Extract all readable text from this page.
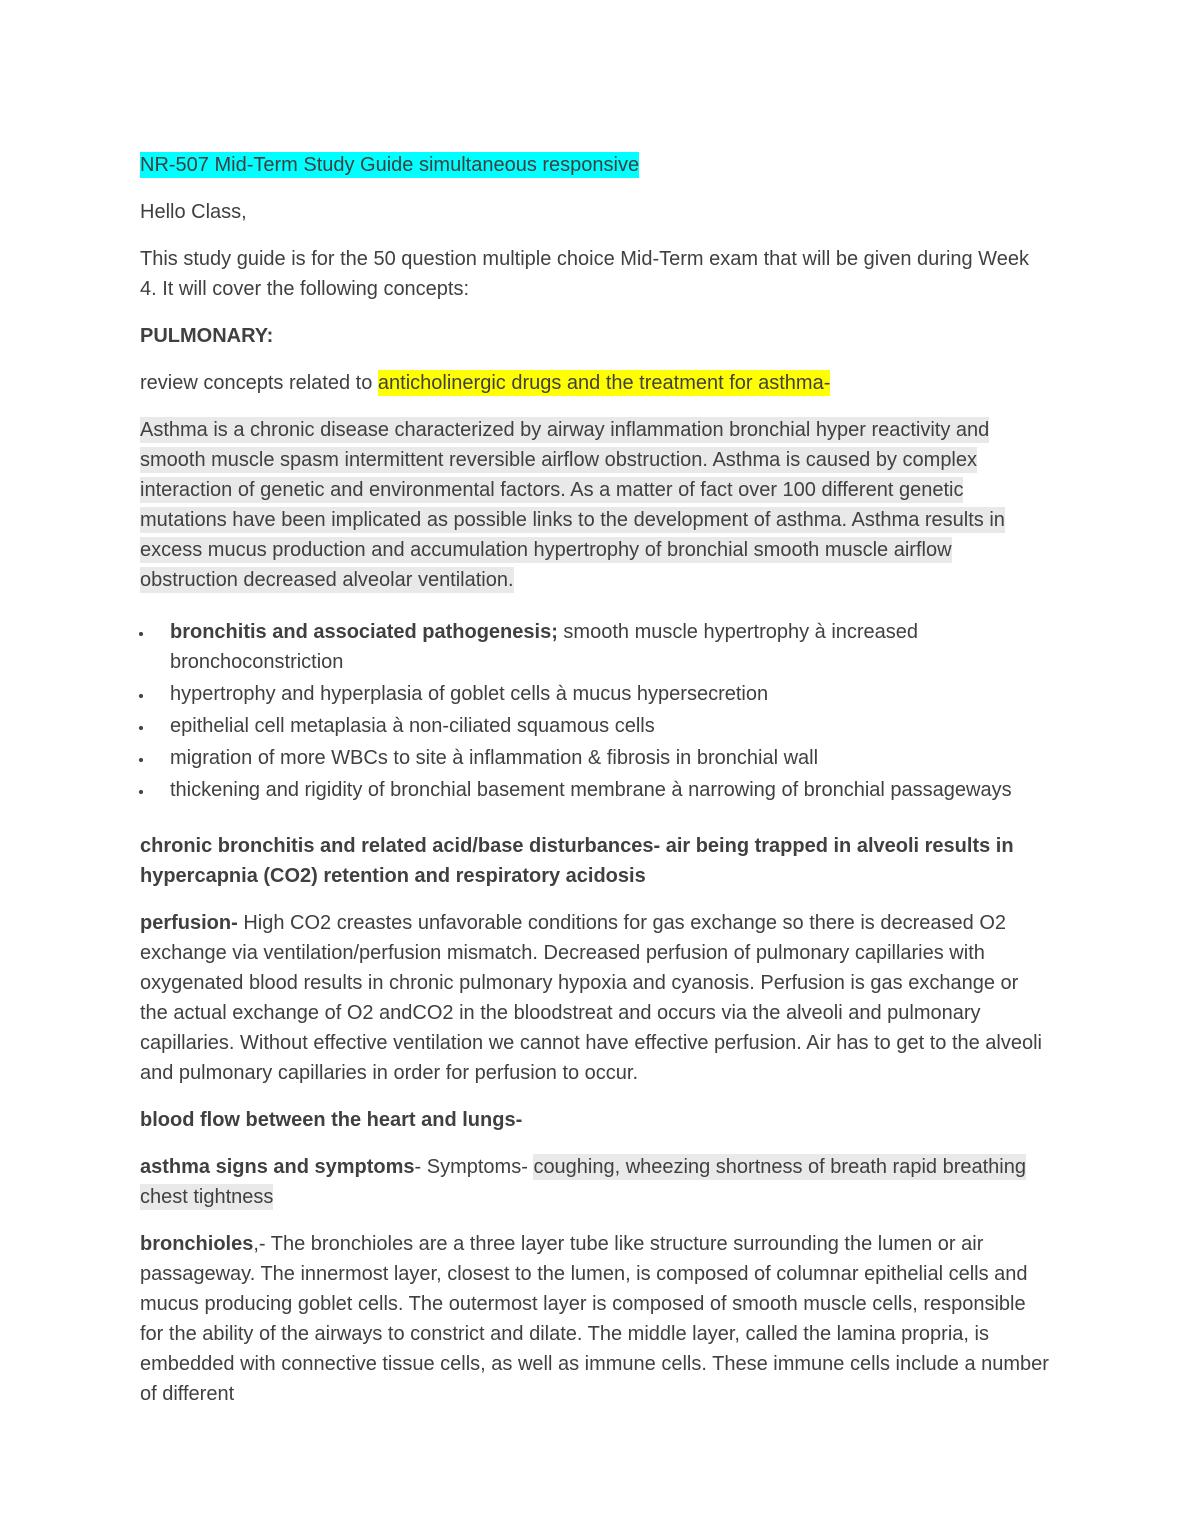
NR-507 Mid-Term Study Guide simultaneous responsive

Hello Class,

This study guide is for the 50 question multiple choice Mid-Term exam that will be given during Week 4. It will cover the following concepts:

PULMONARY:

review concepts related to anticholinergic drugs and the treatment for asthma-

Asthma is a chronic disease characterized by airway inflammation bronchial hyper reactivity and smooth muscle spasm intermittent reversible airflow obstruction. Asthma is caused by complex interaction of genetic and environmental factors. As a matter of fact over 100 different genetic mutations have been implicated as possible links to the development of asthma. Asthma results in excess mucus production and accumulation hypertrophy of bronchial smooth muscle airflow obstruction decreased alveolar ventilation.

• bronchitis and associated pathogenesis; smooth muscle hypertrophy à increased bronchoconstriction
• hypertrophy and hyperplasia of goblet cells à mucus hypersecretion
• epithelial cell metaplasia à non-ciliated squamous cells
• migration of more WBCs to site à inflammation & fibrosis in bronchial wall
• thickening and rigidity of bronchial basement membrane à narrowing of bronchial passageways

chronic bronchitis and related acid/base disturbances- air being trapped in alveoli results in hypercapnia (CO2) retention and respiratory acidosis

perfusion- High CO2 creastes unfavorable conditions for gas exchange so there is decreased O2 exchange via ventilation/perfusion mismatch. Decreased perfusion of pulmonary capillaries with oxygenated blood results in chronic pulmonary hypoxia and cyanosis. Perfusion is gas exchange or the actual exchange of O2 andCO2 in the bloodstreat and occurs via the alveoli and pulmonary capillaries. Without effective ventilation we cannot have effective perfusion. Air has to get to the alveoli and pulmonary capillaries in order for perfusion to occur.

blood flow between the heart and lungs-

asthma signs and symptoms- Symptoms- coughing, wheezing shortness of breath rapid breathing chest tightness

bronchioles,- The bronchioles are a three layer tube like structure surrounding the lumen or air passageway. The innermost layer, closest to the lumen, is composed of columnar epithelial cells and mucus producing goblet cells. The outermost layer is composed of smooth muscle cells, responsible for the ability of the airways to constrict and dilate. The middle layer, called the lamina propria, is embedded with connective tissue cells, as well as immune cells. These immune cells include a number of different
